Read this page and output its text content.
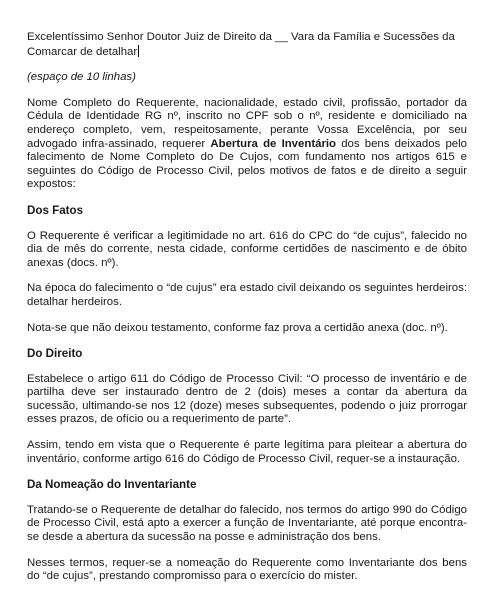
Excelentíssimo Senhor Doutor Juiz de Direito da __ Vara da Família e Sucessões da Comarcar de detalhar

(espaço de 10 linhas)

Nome Completo do Requerente, nacionalidade, estado civil, profissão, portador da Cédula de Identidade RG nº, inscrito no CPF sob o nº, residente e domiciliado na endereço completo, vem, respeitosamente, perante Vossa Excelência, por seu advogado infra-assinado, requerer Abertura de Inventário dos bens deixados pelo falecimento de Nome Completo do De Cujos, com fundamento nos artigos 615 e seguintes do Código de Processo Civil, pelos motivos de fatos e de direito a seguir expostos:

Dos Fatos

O Requerente é verificar a legitimidade no art. 616 do CPC do “de cujus”, falecido no dia de mês do corrente, nesta cidade, conforme certidões de nascimento e de óbito anexas (docs. nº).

Na época do falecimento o “de cujus” era estado civil deixando os seguintes herdeiros: detalhar herdeiros.

Nota-se que não deixou testamento, conforme faz prova a certidão anexa (doc. nº).

Do Direito

Estabelece o artigo 611 do Código de Processo Civil: “O processo de inventário e de partilha deve ser instaurado dentro de 2 (dois) meses a contar da abertura da sucessão, ultimando-se nos 12 (doze) meses subsequentes, podendo o juiz prorrogar esses prazos, de ofício ou a requerimento de parte”.

Assim, tendo em vista que o Requerente é parte legítima para pleitear a abertura do inventário, conforme artigo 616 do Código de Processo Civil, requer-se a instauração.

Da Nomeação do Inventariante

Tratando-se o Requerente de detalhar do falecido, nos termos do artigo 990 do Código de Processo Civil, está apto a exercer a função de Inventariante, até porque encontra-se desde a abertura da sucessão na posse e administração dos bens.

Nesses termos, requer-se a nomeação do Requerente como Inventariante dos bens do “de cujus”, prestando compromisso para o exercício do mister.
